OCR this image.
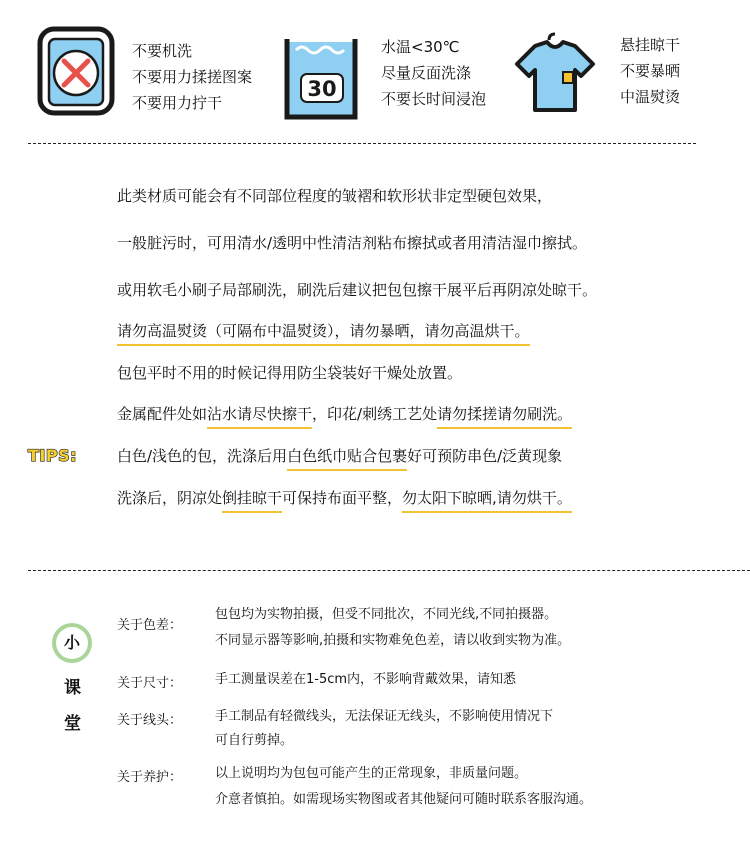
不要机洗
不要用力揉搓图案
不要用力拧干
30
水温<30℃
尽量反面洗涤
不要长时间浸泡
悬挂晾干
不要暴晒
中温熨烫
此类材质可能会有不同部位程度的皱褶和软形状非定型硬包效果，
一般脏污时，可用清水/透明中性清洁剂粘布擦拭或者用清洁湿巾擦拭。
或用软毛小刷子局部刷洗，刷洗后建议把包包擦干展平后再阴凉处晾干。
请勿高温熨烫（可隔布中温熨烫），请勿暴晒，请勿高温烘干。
包包平时不用的时候记得用防尘袋装好干燥处放置。
金属配件处如沾水请尽快擦干，印花/刺绣工艺处请勿揉搓请勿刷洗。
TIPS:	白色/浅色的包，洗涤后用白色纸巾贴合包裹好可预防串色/泛黄现象
洗涤后，阴凉处倒挂晾干可保持布面平整，勿太阳下晾晒,请勿烘干。
小
课
堂
关于色差：
包包均为实物拍摄，但受不同批次，不同光线,不同拍摄器。
不同显示器等影响,拍摄和实物难免色差，请以收到实物为准。
关于尺寸：	手工测量误差在1-5cm内，不影响背戴效果，请知悉
关于线头：	手工制品有轻微线头，无法保证无线头，不影响使用情况下
可自行剪掉。
关于养护：	以上说明均为包包可能产生的正常现象，非质量问题。
介意者慎拍。如需现场实物图或者其他疑问可随时联系客服沟通。
